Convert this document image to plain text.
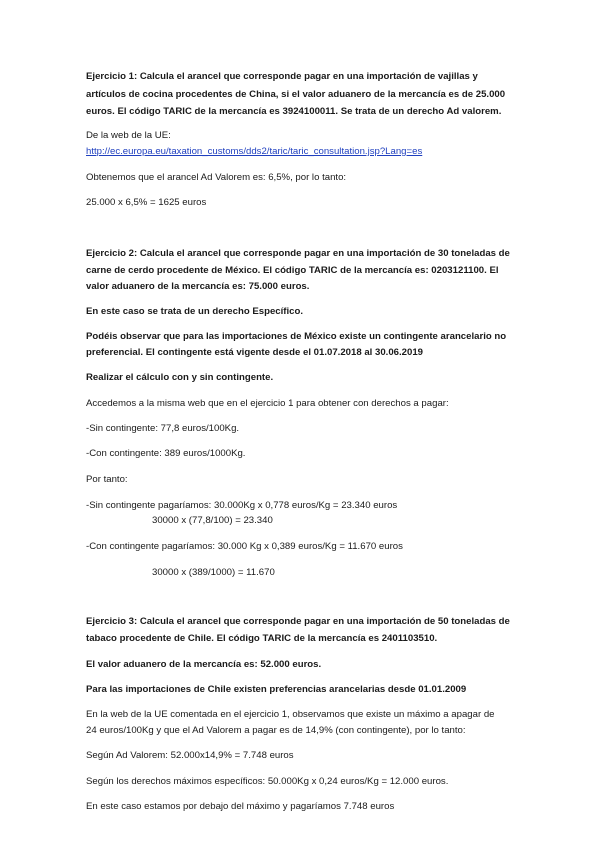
Ejercicio 1: Calcula el arancel que corresponde pagar en una importación de vajillas y
artículos de cocina procedentes de China, si el valor aduanero de la mercancía es de 25.000
euros. El código TARIC de la mercancía es 3924100011. Se trata de un derecho Ad valorem.
De la web de la UE:
http://ec.europa.eu/taxation_customs/dds2/taric/taric_consultation.jsp?Lang=es
Obtenemos que el arancel Ad Valorem es: 6,5%, por lo tanto:
25.000 x 6,5% = 1625 euros
Ejercicio 2: Calcula el arancel que corresponde pagar en una importación de 30 toneladas de
carne de cerdo procedente de México. El código TARIC de la mercancía es: 0203121100. El
valor aduanero de la mercancía es: 75.000 euros.
En este caso se trata de un derecho Específico.
Podéis observar que para las importaciones de México existe un contingente arancelario no
preferencial. El contingente está vigente desde el 01.07.2018 al 30.06.2019
Realizar el cálculo con y sin contingente.
Accedemos a la misma web que en el ejercicio 1 para obtener con derechos a pagar:
-Sin contingente: 77,8 euros/100Kg.
-Con contingente: 389 euros/1000Kg.
Por tanto:
-Sin contingente pagaríamos: 30.000Kg x 0,778 euros/Kg = 23.340 euros
30000 x (77,8/100) = 23.340
-Con contingente pagaríamos: 30.000 Kg x 0,389 euros/Kg = 11.670 euros
30000 x (389/1000) = 11.670
Ejercicio 3: Calcula el arancel que corresponde pagar en una importación de 50 toneladas de
tabaco procedente de Chile. El código TARIC de la mercancía es 2401103510.
El valor aduanero de la mercancía es: 52.000 euros.
Para las importaciones de Chile existen preferencias arancelarias desde 01.01.2009
En la web de la UE comentada en el ejercicio 1, observamos que existe un máximo a apagar de
24 euros/100Kg y que el Ad Valorem a pagar es de 14,9% (con contingente), por lo tanto:
Según Ad Valorem: 52.000x14,9% = 7.748 euros
Según los derechos máximos específicos: 50.000Kg x 0,24 euros/Kg = 12.000 euros.
En este caso estamos por debajo del máximo y pagaríamos 7.748 euros
